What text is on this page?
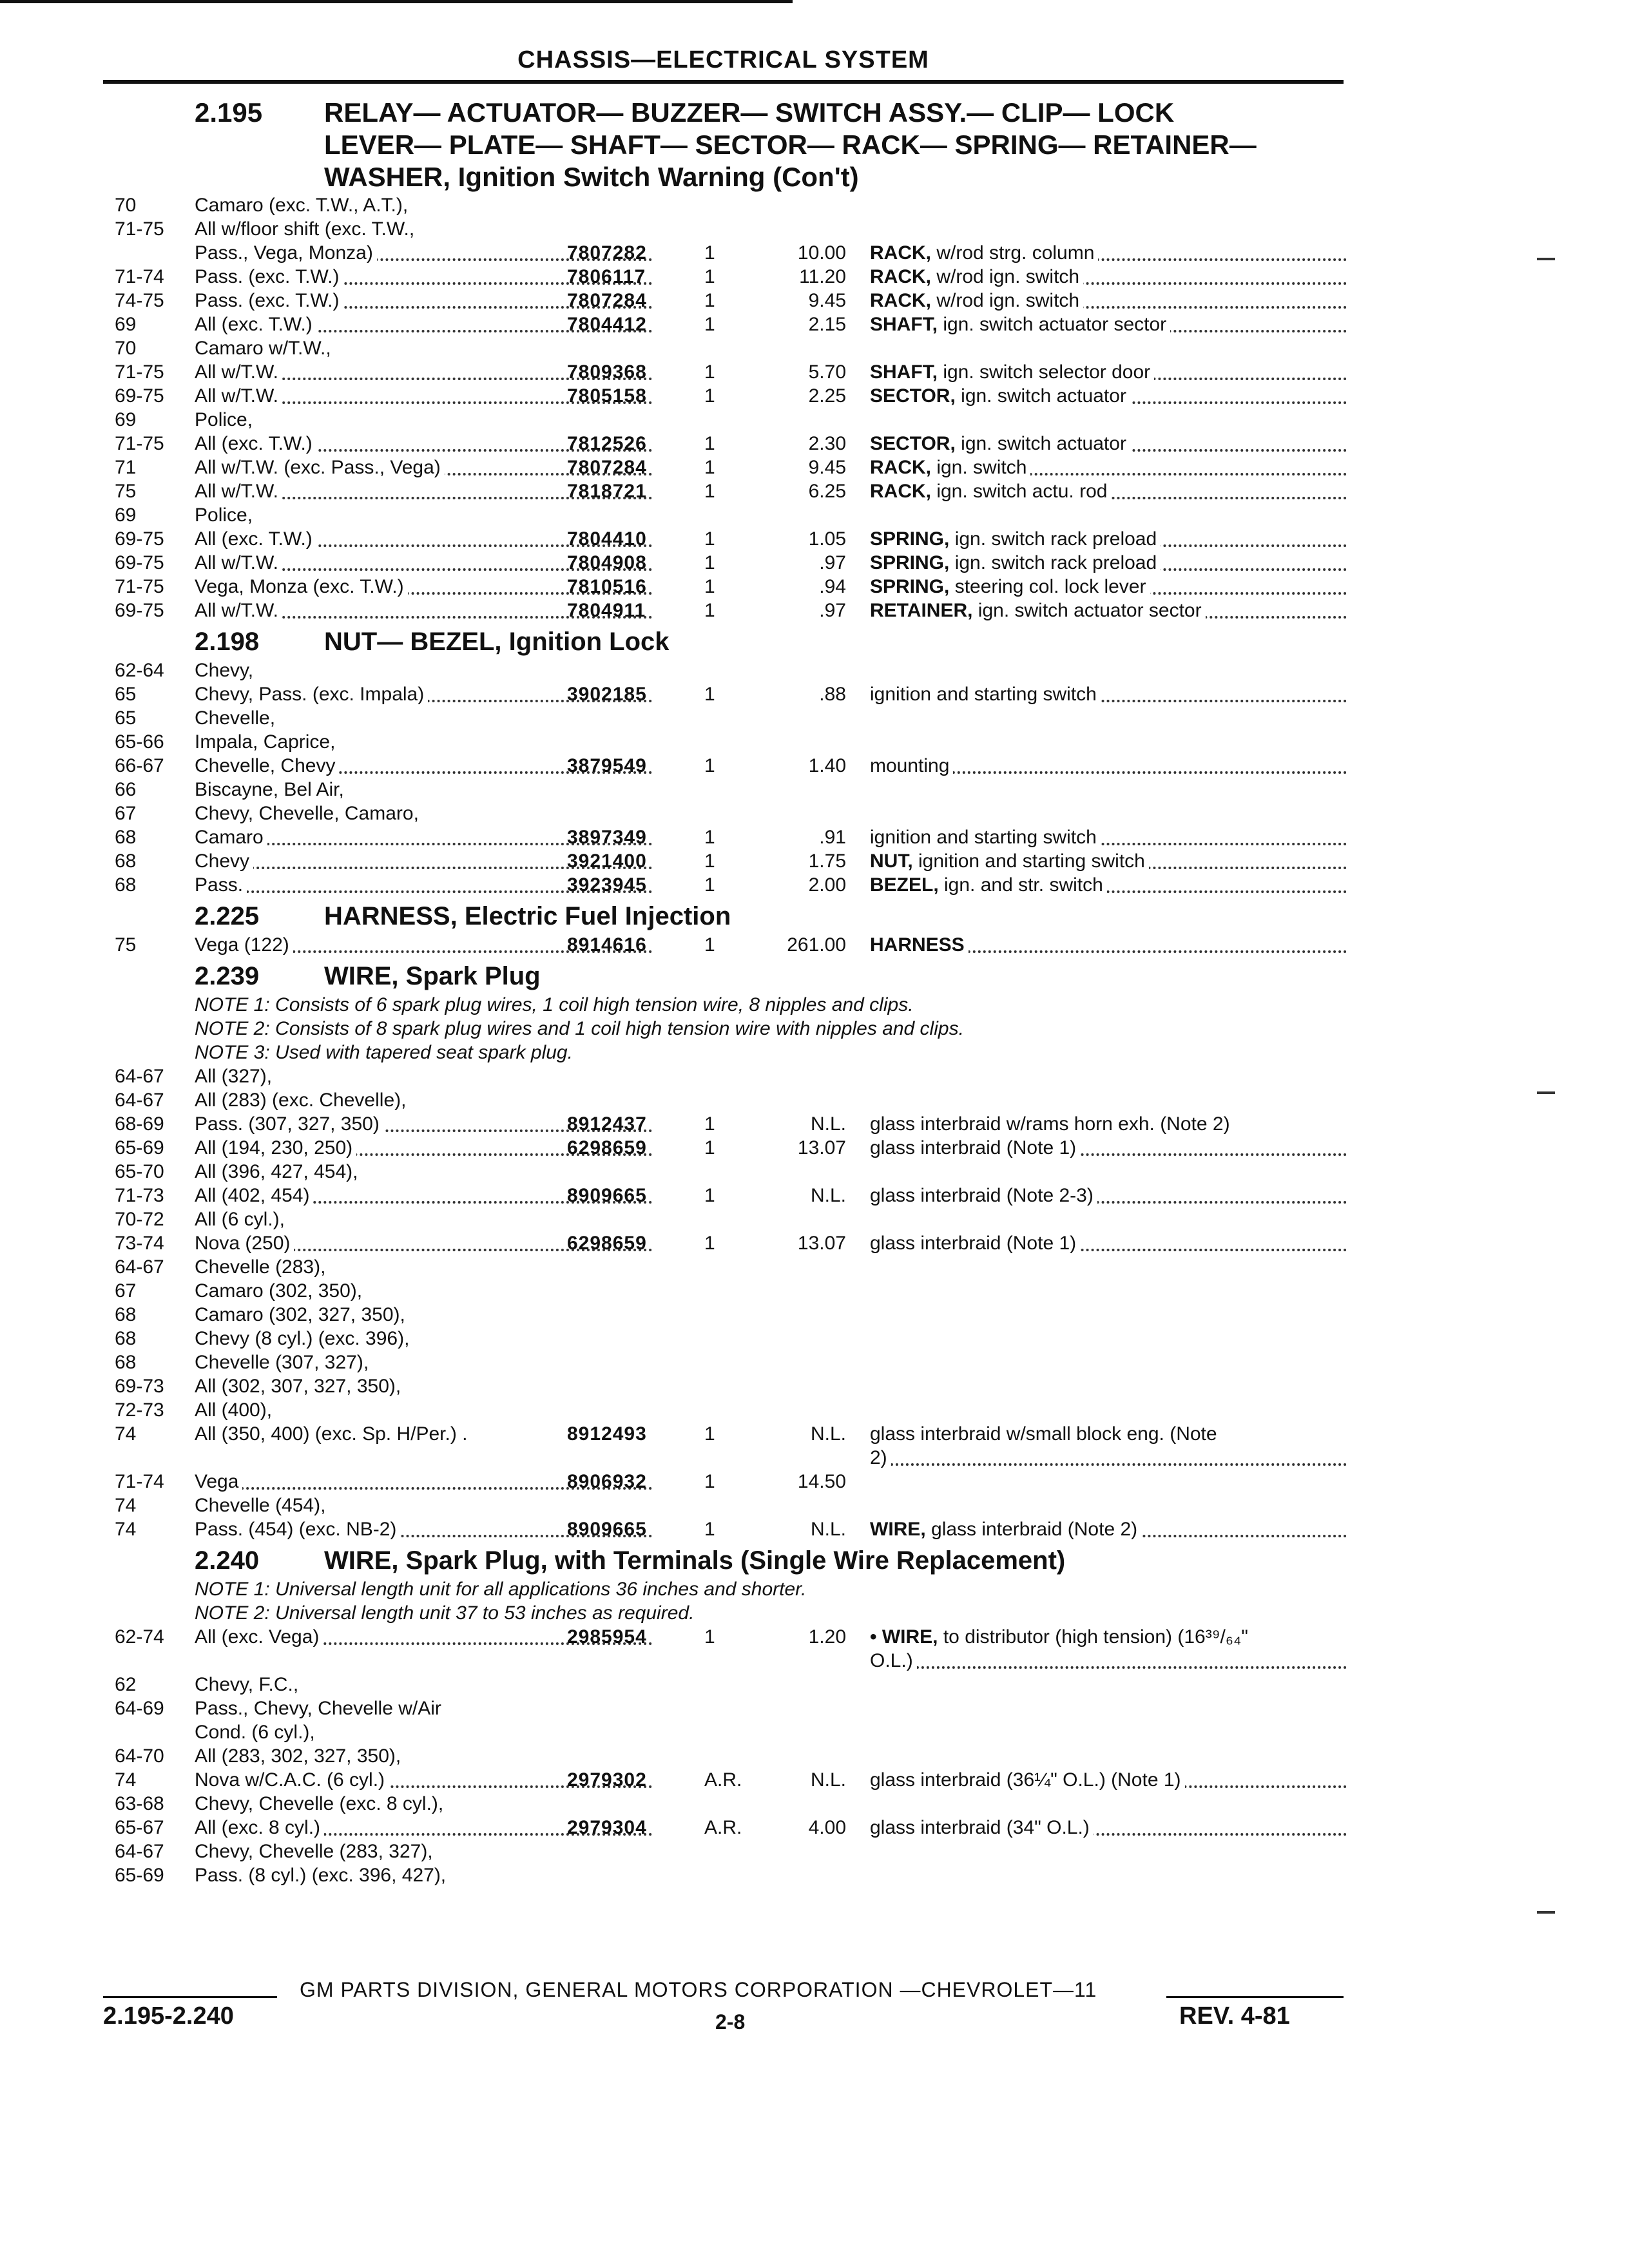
CHASSIS—ELECTRICAL SYSTEM
2.195 RELAY— ACTUATOR— BUZZER— SWITCH ASSY.— CLIP— LOCK
LEVER— PLATE— SHAFT— SECTOR— RACK— SPRING— RETAINER—
WASHER, Ignition Switch Warning (Con't)
70	Camaro (exc. T.W., A.T.),
71-75 All w/floor shift (exc. T.W.,
Pass., Vega, Monza)	7807282	1	10.00 RACK, w/rod strg. column
71-74 Pass. (exc. T.W.)	7806117	1	11.20 RACK, w/rod ign. switch
74-75 Pass. (exc. T.W.)	7807284	1	9.45 RACK, w/rod ign. switch
69	All (exc. T.W.)	7804412	1	2.15 SHAFT, ign. switch actuator sector
70	Camaro w/T.W.,
71-75 All w/T.W.	7809368	1	5.70 SHAFT, ign. switch selector door
69-75 All w/T.W.	7805158	1	2.25 SECTOR, ign. switch actuator
69	Police,
71-75 All (exc. T.W.)	7812526	1	2.30 SECTOR, ign. switch actuator
71	All w/T.W. (exc. Pass., Vega)	7807284	1	9.45 RACK, ign. switch
75	All w/T.W.	7818721	1	6.25 RACK, ign. switch actu. rod
69	Police,
69-75 All (exc. T.W.)	7804410	1	1.05 SPRING, ign. switch rack preload
69-75 All w/T.W.	7804908	1	.97 SPRING, ign. switch rack preload
71-75 Vega, Monza (exc. T.W.)	7810516	1	.94 SPRING, steering col. lock lever
69-75 All w/T.W.	7804911	1	.97 RETAINER, ign. switch actuator sector
2.198	NUT— BEZEL, Ignition Lock
62-64 Chevy,
65	Chevy, Pass. (exc. Impala)	3902185	1	.88 ignition and starting switch
65	Chevelle,
65-66 Impala, Caprice,
66-67 Chevelle, Chevy	3879549	1	1.40 mounting
66	Biscayne, Bel Air,
67	Chevy, Chevelle, Camaro,
68	Camaro	3897349	1	.91 ignition and starting switch
68	Chevy	3921400	1	1.75 NUT, ignition and starting switch
68	Pass.	3923945	1	2.00 BEZEL, ign. and str. switch
2.225	HARNESS, Electric Fuel Injection
75	Vega (122)	8914616	1	261.00 HARNESS
2.239	WIRE, Spark Plug
NOTE 1: Consists of 6 spark plug wires, 1 coil high tension wire, 8 nipples and clips.
NOTE 2: Consists of 8 spark plug wires and 1 coil high tension wire with nipples and clips.
NOTE 3: Used with tapered seat spark plug.
64-67 All (327),
64-67 All (283) (exc. Chevelle),
68-69 Pass. (307, 327, 350)	8912437	1	N.L. glass interbraid w/rams horn exh. (Note 2)
65-69 All (194, 230, 250)	6298659	1	13.07 glass interbraid (Note 1)
65-70 All (396, 427, 454),
71-73 All (402, 454)	8909665	1	N.L. glass interbraid (Note 2-3)
70-72 All (6 cyl.),
73-74 Nova (250)	6298659	1	13.07 glass interbraid (Note 1)
64-67 Chevelle (283),
67	Camaro (302, 350),
68	Camaro (302, 327, 350),
68	Chevy (8 cyl.) (exc. 396),
68	Chevelle (307, 327),
69-73 All (302, 307, 327, 350),
72-73 All (400),
74	All (350, 400) (exc. Sp. H/Per.) .	8912493	1	N.L. glass interbraid w/small block eng. (Note
2)
71-74 Vega	8906932	1	14.50
74	Chevelle (454),
74	Pass. (454) (exc. NB-2)	8909665	1	N.L. WIRE, glass interbraid (Note 2)
2.240	WIRE, Spark Plug, with Terminals (Single Wire Replacement)
NOTE 1: Universal length unit for all applications 36 inches and shorter.
NOTE 2: Universal length unit 37 to 53 inches as required.
62-74 All (exc. Vega)	2985954	1	1.20 • WIRE, to distributor (high tension) (16³⁹/₆₄"
O.L.)
62	Chevy, F.C.,
64-69 Pass., Chevy, Chevelle w/Air
Cond. (6 cyl.),
64-70 All (283, 302, 327, 350),
74	Nova w/C.A.C. (6 cyl.)	2979302	A.R.	N.L. glass interbraid (36¼" O.L.) (Note 1)
63-68 Chevy, Chevelle (exc. 8 cyl.),
65-67 All (exc. 8 cyl.)	2979304	A.R.	4.00 glass interbraid (34" O.L.)
64-67 Chevy, Chevelle (283, 327),
65-69 Pass. (8 cyl.) (exc. 396, 427),
GM PARTS DIVISION, GENERAL MOTORS CORPORATION —CHEVROLET—11
2.195-2.240	2-8	REV. 4-81
